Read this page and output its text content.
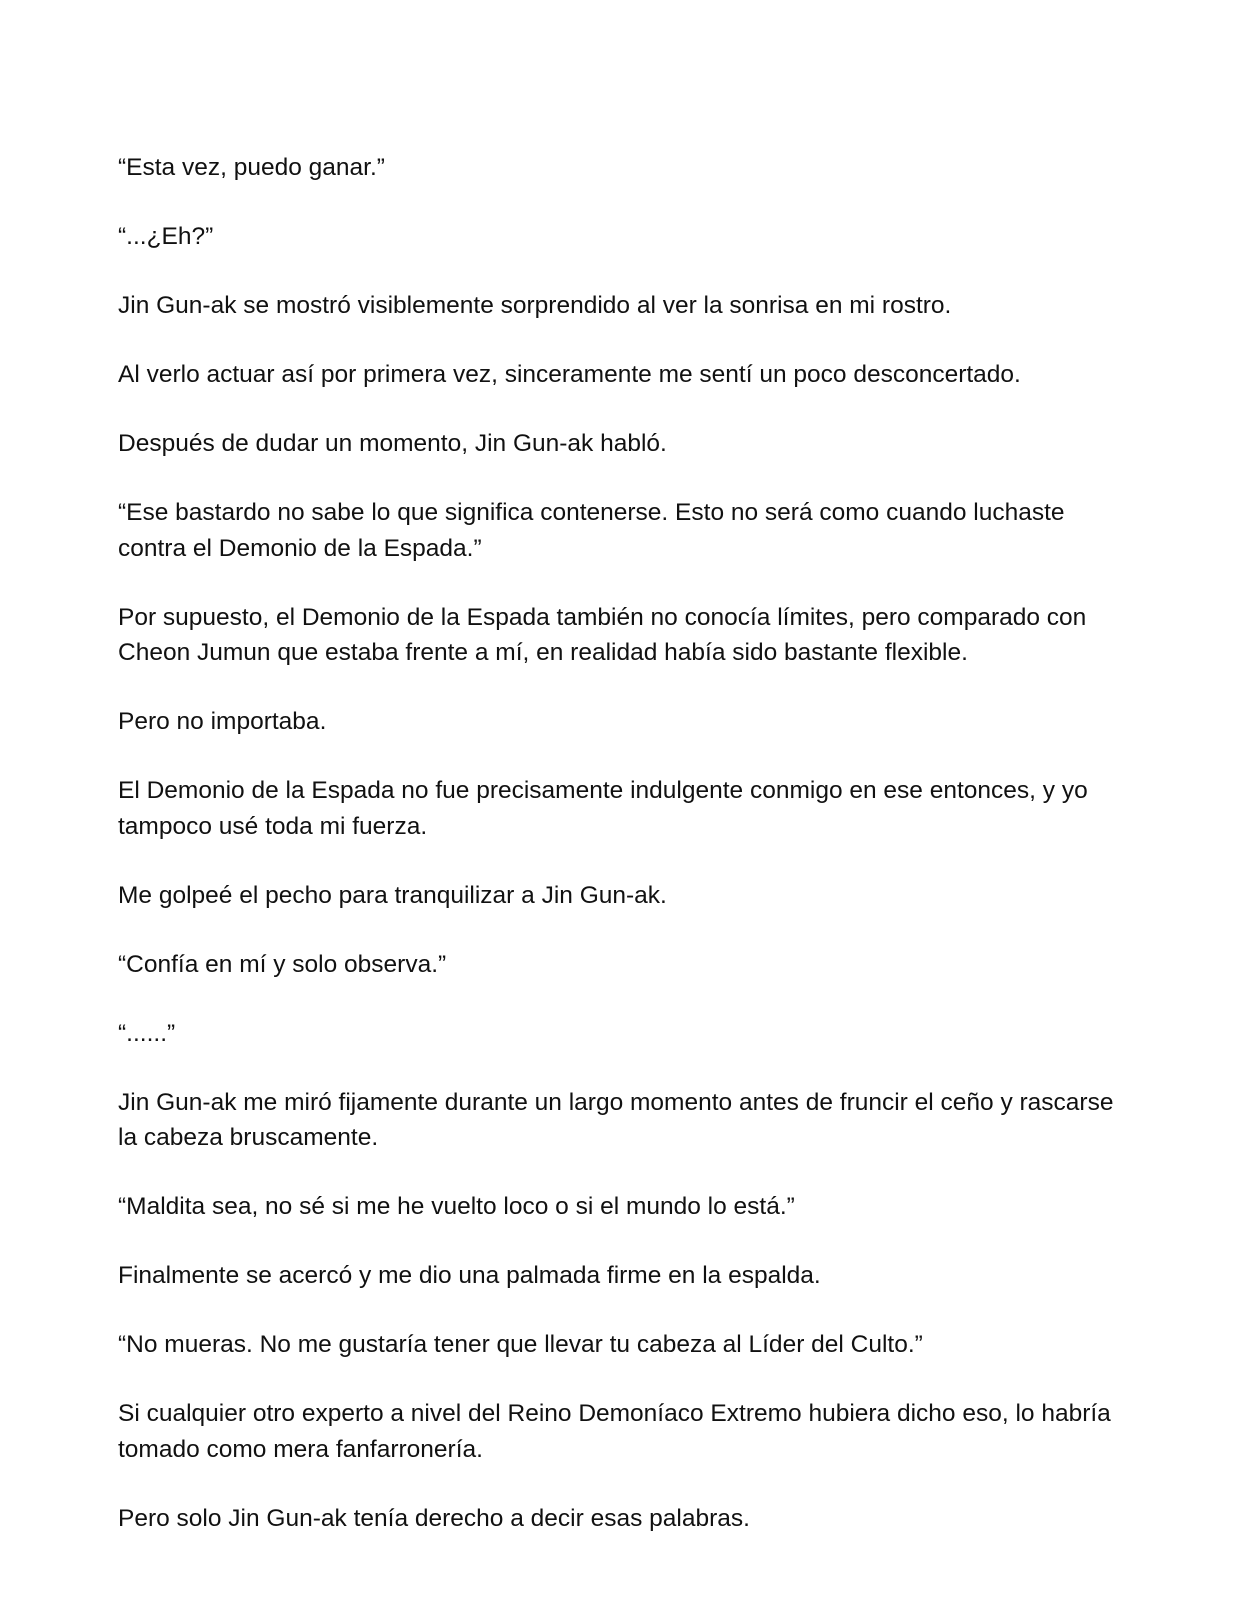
“Esta vez, puedo ganar.”

“...¿Eh?”

Jin Gun-ak se mostró visiblemente sorprendido al ver la sonrisa en mi rostro.

Al verlo actuar así por primera vez, sinceramente me sentí un poco desconcertado.

Después de dudar un momento, Jin Gun-ak habló.

“Ese bastardo no sabe lo que significa contenerse. Esto no será como cuando luchaste contra el Demonio de la Espada.”

Por supuesto, el Demonio de la Espada también no conocía límites, pero comparado con Cheon Jumun que estaba frente a mí, en realidad había sido bastante flexible.

Pero no importaba.

El Demonio de la Espada no fue precisamente indulgente conmigo en ese entonces, y yo tampoco usé toda mi fuerza.

Me golpeé el pecho para tranquilizar a Jin Gun-ak.

“Confía en mí y solo observa.”

“......”

Jin Gun-ak me miró fijamente durante un largo momento antes de fruncir el ceño y rascarse la cabeza bruscamente.

“Maldita sea, no sé si me he vuelto loco o si el mundo lo está.”

Finalmente se acercó y me dio una palmada firme en la espalda.

“No mueras. No me gustaría tener que llevar tu cabeza al Líder del Culto.”

Si cualquier otro experto a nivel del Reino Demoníaco Extremo hubiera dicho eso, lo habría tomado como mera fanfarronería.

Pero solo Jin Gun-ak tenía derecho a decir esas palabras.
